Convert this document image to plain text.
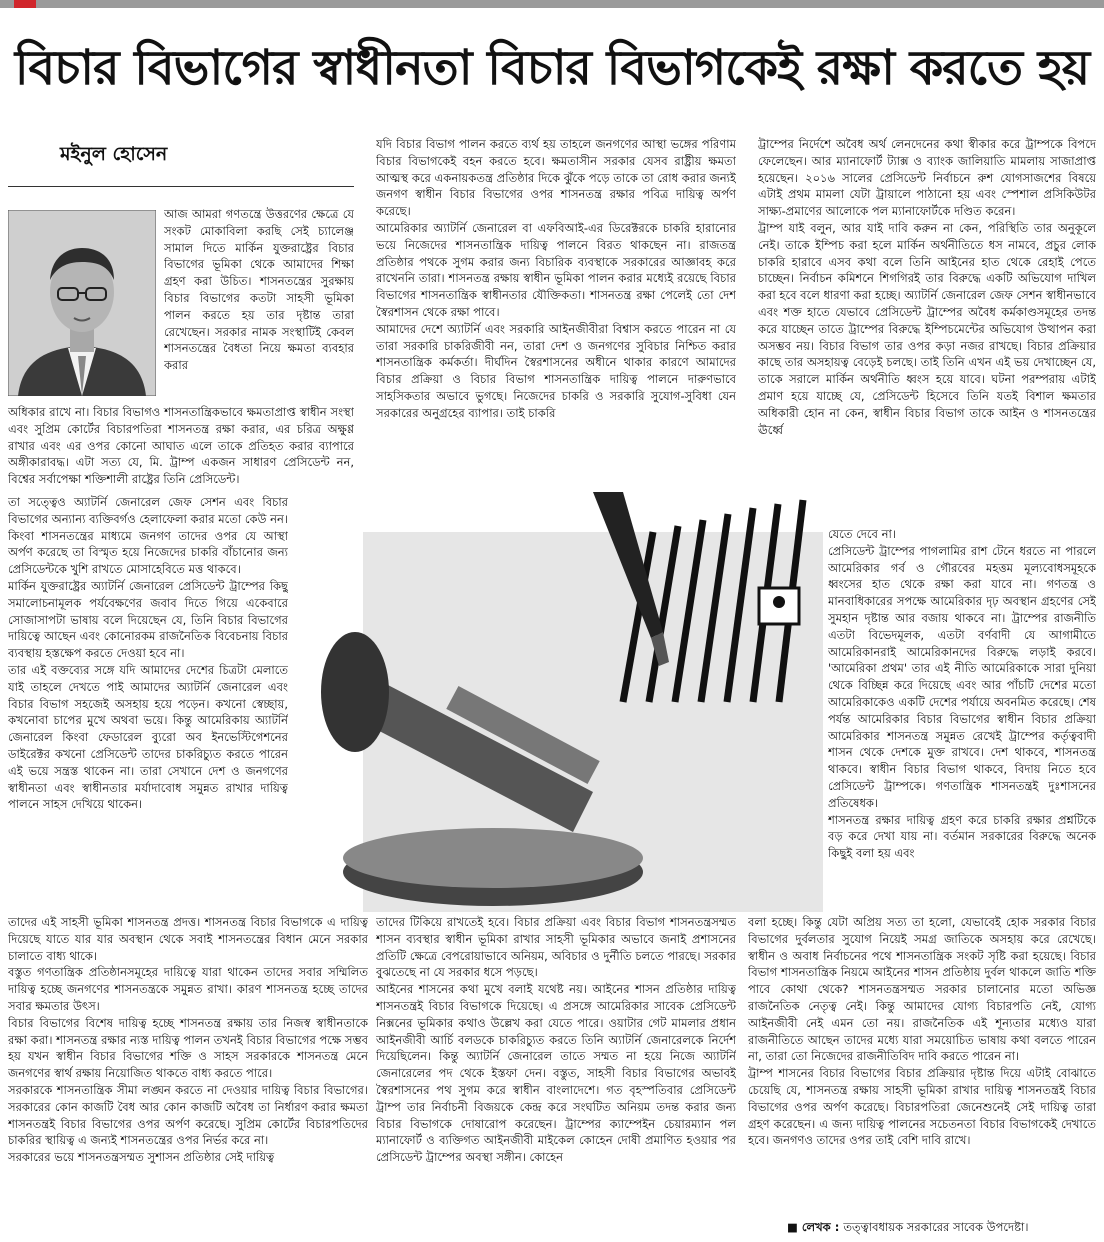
বিচার বিভাগের স্বাধীনতা বিচার বিভাগকেই রক্ষা করতে হয়
মইনুল হোসেন
আজ আমরা গণতন্ত্রে উত্তরণের ক্ষেত্রে যে সংকট মোকাবিলা করছি সেই চ্যালেঞ্জ সামাল দিতে মার্কিন যুক্তরাষ্ট্রের বিচার বিভাগের ভূমিকা থেকে আমাদের শিক্ষা গ্রহণ করা উচিত। শাসনতন্ত্রের সুরক্ষায় বিচার বিভাগের কতটা সাহসী ভূমিকা পালন করতে হয় তার দৃষ্টান্ত তারা রেখেছেন। সরকার নামক সংস্থাটিই কেবল শাসনতন্ত্রের বৈধতা নিয়ে ক্ষমতা ব্যবহার করার
অধিকার রাখে না। বিচার বিভাগও শাসনতান্ত্রিকভাবে ক্ষমতাপ্রাপ্ত স্বাধীন সংস্থা এবং সুপ্রিম কোর্টের বিচারপতিরা শাসনতন্ত্র রক্ষা করার, এর চরিত্র অক্ষুণ্ণ রাখার এবং এর ওপর কোনো আঘাত এলে তাকে প্রতিহত করার ব্যাপারে অঙ্গীকারাবদ্ধ। এটা সত্য যে, মি. ট্রাম্প একজন সাধারণ প্রেসিডেন্ট নন, বিশ্বের সর্বাপেক্ষা শক্তিশালী রাষ্ট্রের তিনি প্রেসিডেন্ট।
তা সত্ত্বেও অ্যাটর্নি জেনারেল জেফ সেশন এবং বিচার বিভাগের অন্যান্য ব্যক্তিবর্গও হেলাফেলা করার মতো কেউ নন। কিংবা শাসনতন্ত্রের মাধ্যমে জনগণ তাদের ওপর যে আস্থা অর্পণ করেছে তা বিস্মৃত হয়ে নিজেদের চাকরি বাঁচানোর জন্য প্রেসিডেন্টকে খুশি রাখতে মোসাহেবিতে মত্ত থাকবে।
মার্কিন যুক্তরাষ্ট্রের অ্যাটর্নি জেনারেল প্রেসিডেন্ট ট্রাম্পের কিছু সমালোচনামূলক পর্যবেক্ষণের জবাব দিতে গিয়ে একেবারে সোজাসাপটা ভাষায় বলে দিয়েছেন যে, তিনি বিচার বিভাগের দায়িত্বে আছেন এবং কোনোরকম রাজনৈতিক বিবেচনায় বিচার ব্যবস্থায় হস্তক্ষেপ করতে দেওয়া হবে না।
তার এই বক্তব্যের সঙ্গে যদি আমাদের দেশের চিত্রটা মেলাতে যাই তাহলে দেখতে পাই আমাদের অ্যাটর্নি জেনারেল এবং বিচার বিভাগ সহজেই অসহায় হয়ে পড়েন। কখনো স্বেচ্ছায়, কখনোবা চাপের মুখে অথবা ভয়ে। কিন্তু আমেরিকায় অ্যাটর্নি জেনারেল কিংবা ফেডারেল ব্যুরো অব ইনভেস্টিগেশনের ডাইরেক্টর কখনো প্রেসিডেন্ট তাদের চাকরিচ্যুত করতে পারেন এই ভয়ে সন্ত্রস্ত থাকেন না। তারা সেখানে দেশ ও জনগণের স্বাধীনতা এবং স্বাধীনতার মর্যাদাবোধ সমুন্নত রাখার দায়িত্ব পালনে সাহস দেখিয়ে থাকেন।
তাদের এই সাহসী ভূমিকা শাসনতন্ত্র প্রদত্ত। শাসনতন্ত্র বিচার বিভাগকে এ দায়িত্ব দিয়েছে যাতে যার যার অবস্থান থেকে সবাই শাসনতন্ত্রের বিধান মেনে সরকার চালাতে বাধ্য থাকে।
বস্তুত গণতান্ত্রিক প্রতিষ্ঠানসমূহের দায়িত্বে যারা থাকেন তাদের সবার সম্মিলিত দায়িত্ব হচ্ছে জনগণের শাসনতন্ত্রকে সমুন্নত রাখা। কারণ শাসনতন্ত্র হচ্ছে তাদের সবার ক্ষমতার উৎস।
বিচার বিভাগের বিশেষ দায়িত্ব হচ্ছে শাসনতন্ত্র রক্ষায় তার নিজস্ব স্বাধীনতাকে রক্ষা করা। শাসনতন্ত্র রক্ষার ন্যস্ত দায়িত্ব পালন তখনই বিচার বিভাগের পক্ষে সম্ভব হয় যখন স্বাধীন বিচার বিভাগের শক্তি ও সাহস সরকারকে শাসনতন্ত্র মেনে জনগণের স্বার্থ রক্ষায় নিয়োজিত থাকতে বাধ্য করতে পারে।
সরকারকে শাসনতান্ত্রিক সীমা লঙ্ঘন করতে না দেওয়ার দায়িত্ব বিচার বিভাগের। সরকারের কোন কাজটি বৈধ আর কোন কাজটি অবৈধ তা নির্ধারণ করার ক্ষমতা শাসনতন্ত্রই বিচার বিভাগের ওপর অর্পণ করেছে। সুপ্রিম কোর্টের বিচারপতিদের চাকরির স্থায়িত্ব এ জন্যই শাসনতন্ত্রের ওপর নির্ভর করে না।
সরকারের ভয়ে শাসনতন্ত্রসম্মত সুশাসন প্রতিষ্ঠার সেই দায়িত্ব
যদি বিচার বিভাগ পালন করতে ব্যর্থ হয় তাহলে জনগণের আস্থা ভঙ্গের পরিণাম বিচার বিভাগকেই বহন করতে হবে। ক্ষমতাসীন সরকার যেসব রাষ্ট্রীয় ক্ষমতা আত্মস্থ করে একনায়কতন্ত্র প্রতিষ্ঠার দিকে ঝুঁকে পড়ে তাকে তা রোধ করার জন্যই জনগণ স্বাধীন বিচার বিভাগের ওপর শাসনতন্ত্র রক্ষার পবিত্র দায়িত্ব অর্পণ করেছে।
আমেরিকার অ্যাটর্নি জেনারেল বা এফবিআই-এর ডিরেক্টরকে চাকরি হারানোর ভয়ে নিজেদের শাসনতান্ত্রিক দায়িত্ব পালনে বিরত থাকছেন না। রাজতন্ত্র প্রতিষ্ঠার পথকে সুগম করার জন্য বিচারিক ব্যবস্থাকে সরকারের আজ্ঞাবহ করে রাখেননি তারা। শাসনতন্ত্র রক্ষায় স্বাধীন ভূমিকা পালন করার মধ্যেই রয়েছে বিচার বিভাগের শাসনতান্ত্রিক স্বাধীনতার যৌক্তিকতা। শাসনতন্ত্র রক্ষা পেলেই তো দেশ স্বৈরশাসন থেকে রক্ষা পাবে।
আমাদের দেশে অ্যাটর্নি এবং সরকারি আইনজীবীরা বিশ্বাস করতে পারেন না যে তারা সরকারি চাকরিজীবী নন, তারা দেশ ও জনগণের সুবিচার নিশ্চিত করার শাসনতান্ত্রিক কর্মকর্তা। দীর্ঘদিন স্বৈরশাসনের অধীনে থাকার কারণে আমাদের বিচার প্রক্রিয়া ও বিচার বিভাগ শাসনতান্ত্রিক দায়িত্ব পালনে দারুণভাবে সাহসিকতার অভাবে ভুগছে। নিজেদের চাকরি ও সরকারি সুযোগ-সুবিধা যেন সরকারের অনুগ্রহের ব্যাপার। তাই চাকরি
তাদের টিকিয়ে রাখতেই হবে। বিচার প্রক্রিয়া এবং বিচার বিভাগ শাসনতন্ত্রসম্মত শাসন ব্যবস্থার স্বাধীন ভূমিকা রাখার সাহসী ভূমিকার অভাবে জনাই প্রশাসনের প্রতিটি ক্ষেত্রে বেপরোয়াভাবে অনিয়ম, অবিচার ও দুর্নীতি চলতে পারছে। সরকার বুঝতেছে না যে সরকার ধসে পড়ছে।
আইনের শাসনের কথা মুখে বলাই যথেষ্ট নয়। আইনের শাসন প্রতিষ্ঠার দায়িত্ব শাসনতন্ত্রই বিচার বিভাগকে দিয়েছে। এ প্রসঙ্গে আমেরিকার সাবেক প্রেসিডেন্ট নিক্সনের ভূমিকার কথাও উল্লেখ করা যেতে পারে। ওয়াটার গেট মামলার প্রধান আইনজীবী আর্চি বলডকে চাকরিচ্যুত করতে তিনি অ্যাটর্নি জেনারেলকে নির্দেশ দিয়েছিলেন। কিন্তু অ্যাটর্নি জেনারেল তাতে সম্মত না হয়ে নিজে অ্যাটর্নি জেনারেলের পদ থেকে ইস্তফা দেন। বস্তুত, সাহসী বিচার বিভাগের অভাবই স্বৈরশাসনের পথ সুগম করে স্বাধীন বাংলাদেশে। গত বৃহস্পতিবার প্রেসিডেন্ট ট্রাম্প তার নির্বাচনী বিজয়কে কেন্দ্র করে সংঘটিত অনিয়ম তদন্ত করার জন্য বিচার বিভাগকে দোষারোপ করেছেন। ট্রাম্পের ক্যাম্পেইন চেয়ারম্যান পল ম্যানাফোর্ট ও ব্যক্তিগত আইনজীবী মাইকেল কোহেন দোষী প্রমাণিত হওয়ার পর প্রেসিডেন্ট ট্রাম্পের অবস্থা সঙ্গীন। কোহেন
ট্রাম্পের নির্দেশে অবৈধ অর্থ লেনদেনের কথা স্বীকার করে ট্রাম্পকে বিপদে ফেলেছেন। আর ম্যানাফোর্ট ট্যাক্স ও ব্যাংক জালিয়াতি মামলায় সাজাপ্রাপ্ত হয়েছেন। ২০১৬ সালের প্রেসিডেন্ট নির্বাচনে রুশ যোগসাজশের বিষয়ে এটাই প্রথম মামলা যেটা ট্রায়ালে পাঠানো হয় এবং স্পেশাল প্রসিকিউটর সাক্ষ্য-প্রমাণের আলোকে পল ম্যানাফোর্টকে দণ্ডিত করেন।
ট্রাম্প যাই বলুন, আর যাই দাবি করুন না কেন, পরিস্থিতি তার অনুকূলে নেই। তাকে ইম্পিচ করা হলে মার্কিন অর্থনীতিতে ধস নামবে, প্রচুর লোক চাকরি হারাবে এসব কথা বলে তিনি আইনের হাত থেকে রেহাই পেতে চাচ্ছেন। নির্বাচন কমিশনে শিগগিরই তার বিরুদ্ধে একটি অভিযোগ দাখিল করা হবে বলে ধারণা করা হচ্ছে। অ্যাটর্নি জেনারেল জেফ সেশন স্বাধীনভাবে এবং শক্ত হাতে যেভাবে প্রেসিডেন্ট ট্রাম্পের অবৈধ কর্মকাণ্ডসমূহের তদন্ত করে যাচ্ছেন তাতে ট্রাম্পের বিরুদ্ধে ইম্পিচমেন্টের অভিযোগ উত্থাপন করা অসম্ভব নয়। বিচার বিভাগ তার ওপর কড়া নজর রাখছে। বিচার প্রক্রিয়ার কাছে তার অসহায়ত্ব বেড়েই চলছে। তাই তিনি এখন এই ভয় দেখাচ্ছেন যে, তাকে সরালে মার্কিন অর্থনীতি ধ্বংস হয়ে যাবে। ঘটনা পরম্পরায় এটাই প্রমাণ হয়ে যাচ্ছে যে, প্রেসিডেন্ট হিসেবে তিনি যতই বিশাল ক্ষমতার অধিকারী হোন না কেন, স্বাধীন বিচার বিভাগ তাকে আইন ও শাসনতন্ত্রের ঊর্ধ্বে
যেতে দেবে না।
প্রেসিডেন্ট ট্রাম্পের পাগলামির রাশ টেনে ধরতে না পারলে আমেরিকার গর্ব ও গৌরবের মহত্তম মূল্যবোধসমূহকে ধ্বংসের হাত থেকে রক্ষা করা যাবে না। গণতন্ত্র ও মানবাধিকারের সপক্ষে আমেরিকার দৃঢ় অবস্থান গ্রহণের সেই সুমহান দৃষ্টান্ত আর বজায় থাকবে না। ট্রাম্পের রাজনীতি এতটা বিভেদমূলক, এতটা বর্ণবাদী যে আগামীতে আমেরিকানরাই আমেরিকানদের বিরুদ্ধে লড়াই করবে। 'আমেরিকা প্রথম' তার এই নীতি আমেরিকাকে সারা দুনিয়া থেকে বিচ্ছিন্ন করে দিয়েছে এবং আর পাঁচটি দেশের মতো আমেরিকাকেও একটি দেশের পর্যায়ে অবনমিত করেছে। শেষ পর্যন্ত আমেরিকার বিচার বিভাগের স্বাধীন বিচার প্রক্রিয়া আমেরিকার শাসনতন্ত্র সমুন্নত রেখেই ট্রাম্পের কর্তৃত্ববাদী শাসন থেকে দেশকে মুক্ত রাখবে। দেশ থাকবে, শাসনতন্ত্র থাকবে। স্বাধীন বিচার বিভাগ থাকবে, বিদায় নিতে হবে প্রেসিডেন্ট ট্রাম্পকে। গণতান্ত্রিক শাসনতন্ত্রই দুঃশাসনের প্রতিষেধক।
শাসনতন্ত্র রক্ষার দায়িত্ব গ্রহণ করে চাকরি রক্ষার প্রশ্নটিকে বড় করে দেখা যায় না। বর্তমান সরকারের বিরুদ্ধে অনেক কিছুই বলা হয় এবং
বলা হচ্ছে। কিন্তু যেটা অপ্রিয় সত্য তা হলো, যেভাবেই হোক সরকার বিচার বিভাগের দুর্বলতার সুযোগ নিয়েই সমগ্র জাতিকে অসহায় করে রেখেছে। স্বাধীন ও অবাধ নির্বাচনের পথে শাসনতান্ত্রিক সংকট সৃষ্টি করা হয়েছে। বিচার বিভাগ শাসনতান্ত্রিক নিয়মে আইনের শাসন প্রতিষ্ঠায় দুর্বল থাকলে জাতি শক্তি পাবে কোথা থেকে? শাসনতন্ত্রসম্মত সরকার চালানোর মতো অভিজ্ঞ রাজনৈতিক নেতৃত্ব নেই। কিন্তু আমাদের যোগ্য বিচারপতি নেই, যোগ্য আইনজীবী নেই এমন তো নয়। রাজনৈতিক এই শূন্যতার মধ্যেও যারা রাজনীতিতে আছেন তাদের মধ্যে যারা সময়োচিত ভাষায় কথা বলতে পারেন না, তারা তো নিজেদের রাজনীতিবিদ দাবি করতে পারেন না।
ট্রাম্প শাসনের বিচার বিভাগের বিচার প্রক্রিয়ার দৃষ্টান্ত দিয়ে এটাই বোঝাতে চেয়েছি যে, শাসনতন্ত্র রক্ষায় সাহসী ভূমিকা রাখার দায়িত্ব শাসনতন্ত্রই বিচার বিভাগের ওপর অর্পণ করেছে। বিচারপতিরা জেনেশুনেই সেই দায়িত্ব তারা গ্রহণ করেছেন। এ জন্য দায়িত্ব পালনের সচেতনতা বিচার বিভাগকেই দেখাতে হবে। জনগণও তাদের ওপর তাই বেশি দাবি রাখে।
■ লেখক : তত্ত্বাবধায়ক সরকারের সাবেক উপদেষ্টা।
